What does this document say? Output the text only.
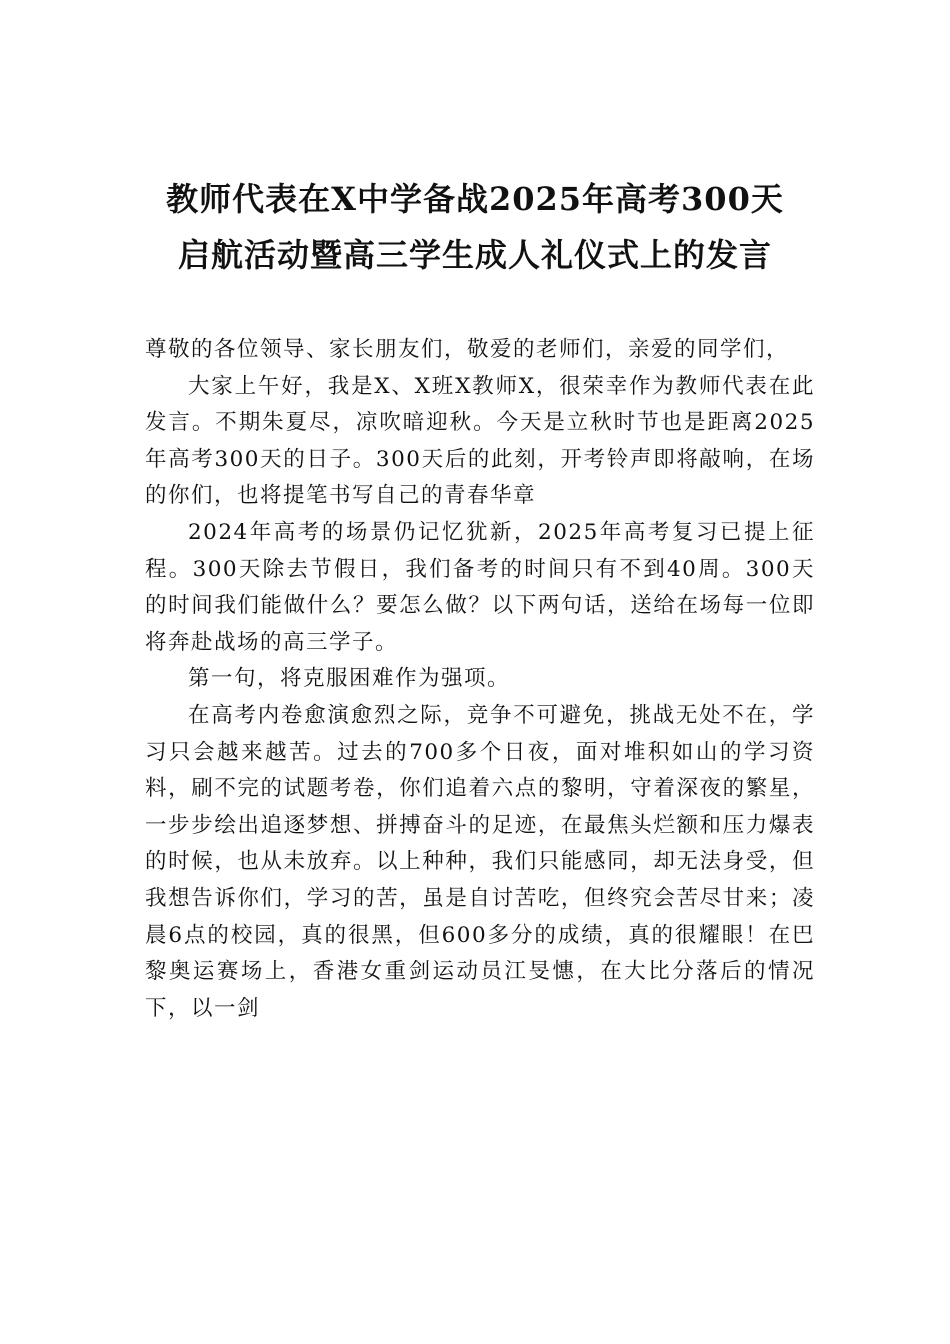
教师代表在X中学备战2025年高考300天
启航活动暨高三学生成人礼仪式上的发言

尊敬的各位领导、家长朋友们，敬爱的老师们，亲爱的同学们，

大家上午好，我是X、X班X教师X，很荣幸作为教师代表在此发言。不期朱夏尽，凉吹暗迎秋。今天是立秋时节也是距离2025年高考300天的日子。300天后的此刻，开考铃声即将敲响，在场的你们，也将提笔书写自己的青春华章

2024年高考的场景仍记忆犹新，2025年高考复习已提上征程。300天除去节假日，我们备考的时间只有不到40周。300天的时间我们能做什么？要怎么做？以下两句话，送给在场每一位即将奔赴战场的高三学子。

第一句，将克服困难作为强项。

在高考内卷愈演愈烈之际，竞争不可避免，挑战无处不在，学习只会越来越苦。过去的700多个日夜，面对堆积如山的学习资料，刷不完的试题考卷，你们追着六点的黎明，守着深夜的繁星，一步步绘出追逐梦想、拼搏奋斗的足迹，在最焦头烂额和压力爆表的时候，也从未放弃。以上种种，我们只能感同，却无法身受，但我想告诉你们，学习的苦，虽是自讨苦吃，但终究会苦尽甘来；凌晨6点的校园，真的很黑，但600多分的成绩，真的很耀眼！在巴黎奥运赛场上，香港女重剑运动员江旻憓，在大比分落后的情况下，以一剑
